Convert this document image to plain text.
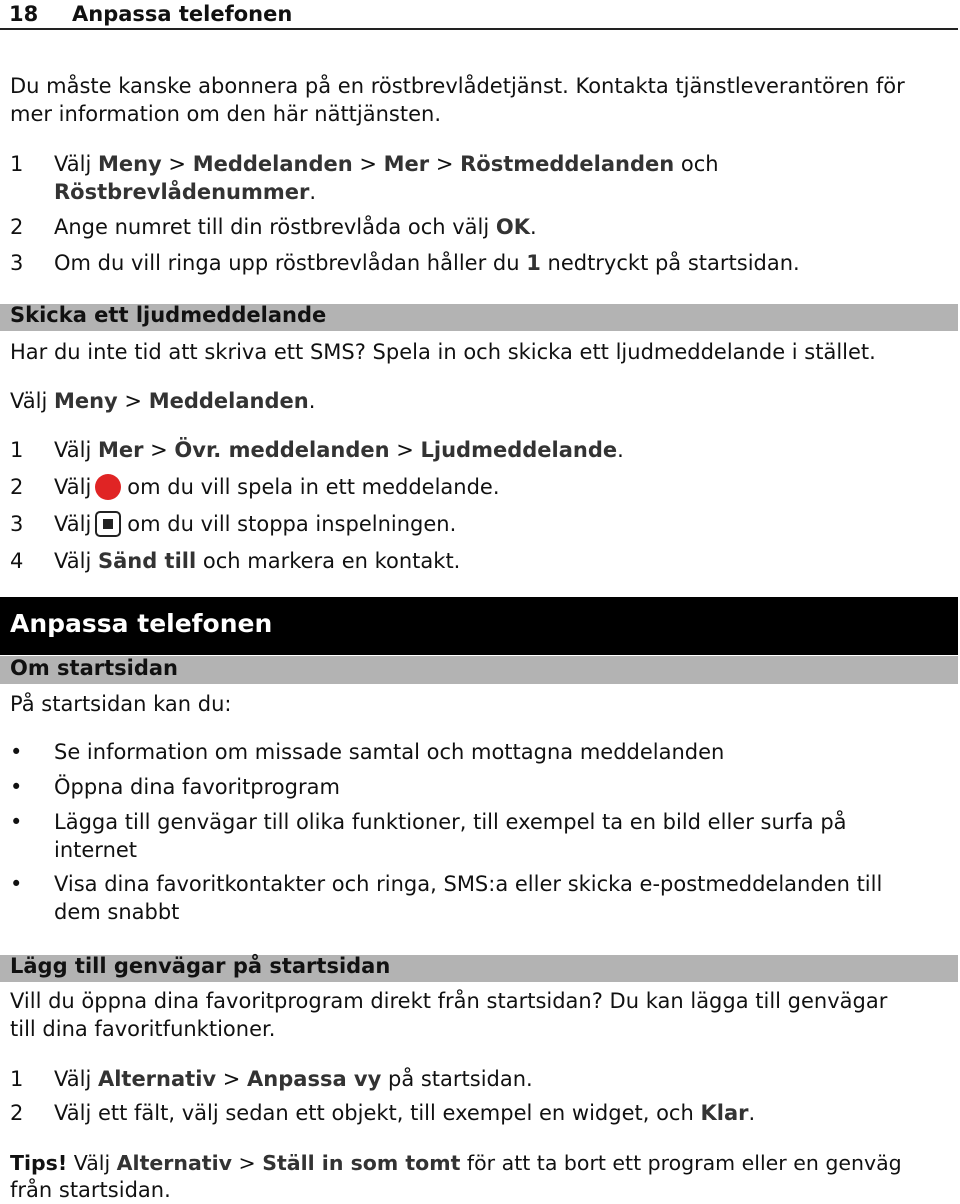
18 Anpassa telefonen
Du måste kanske abonnera på en röstbrevlådetjänst. Kontakta tjänstleverantören för
mer information om den här nättjänsten.
1	Välj Meny > Meddelanden > Mer > Röstmeddelanden och
Röstbrevlådenummer.
2	Ange numret till din röstbrevlåda och välj OK.
3	Om du vill ringa upp röstbrevlådan håller du 1 nedtryckt på startsidan.
Skicka ett ljudmeddelande
Har du inte tid att skriva ett SMS? Spela in och skicka ett ljudmeddelande i stället.
Välj Meny > Meddelanden.
1	Välj Mer > Övr. meddelanden > Ljudmeddelande.
2	Välj om du vill spela in ett meddelande.
3	Välj om du vill stoppa inspelningen.
4	Välj Sänd till och markera en kontakt.
Anpassa telefonen
Om startsidan
På startsidan kan du:
• Se information om missade samtal och mottagna meddelanden
• Öppna dina favoritprogram
• Lägga till genvägar till olika funktioner, till exempel ta en bild eller surfa på internet
• Visa dina favoritkontakter och ringa, SMS:a eller skicka e-postmeddelanden till dem snabbt
Lägg till genvägar på startsidan
Vill du öppna dina favoritprogram direkt från startsidan? Du kan lägga till genvägar
till dina favoritfunktioner.
1	Välj Alternativ > Anpassa vy på startsidan.
2	Välj ett fält, välj sedan ett objekt, till exempel en widget, och Klar.
Tips! Välj Alternativ > Ställ in som tomt för att ta bort ett program eller en genväg
från startsidan.
